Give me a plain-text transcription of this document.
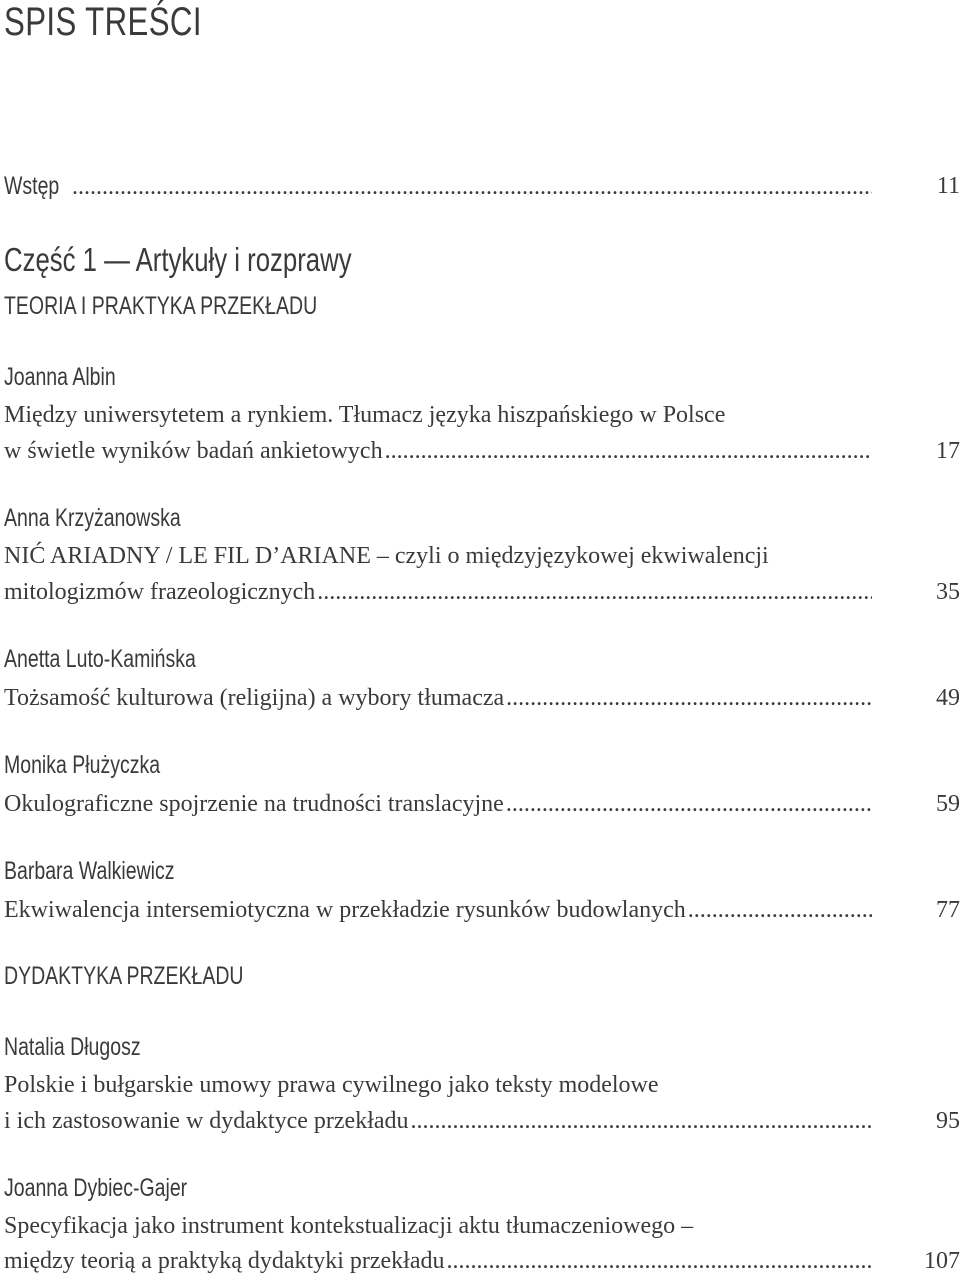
SPIS TREŚCI
Wstęp .....	11
Część 1 — Artykuły i rozprawy
TEORIA I PRAKTYKA PRZEKŁADU
Joanna Albin
Między uniwersytetem a rynkiem. Tłumacz języka hiszpańskiego w Polsce
w świetle wyników badań ankietowych .....	17
Anna Krzyżanowska
NIĆ ARIADNY / LE FIL D’ARIANE – czyli o międzyjęzykowej ekwiwalencji
mitologizmów frazeologicznych .....	35
Anetta Luto-Kamińska
Tożsamość kulturowa (religijna) a wybory tłumacza .....	49
Monika Płużyczka
Okulograficzne spojrzenie na trudności translacyjne .....	59
Barbara Walkiewicz
Ekwiwalencja intersemiotyczna w przekładzie rysunków budowlanych .....	77
DYDAKTYKA PRZEKŁADU
Natalia Długosz
Polskie i bułgarskie umowy prawa cywilnego jako teksty modelowe
i ich zastosowanie w dydaktyce przekładu .....	95
Joanna Dybiec-Gajer
Specyfikacja jako instrument kontekstualizacji aktu tłumaczeniowego –
między teorią a praktyką dydaktyki przekładu .....	107
